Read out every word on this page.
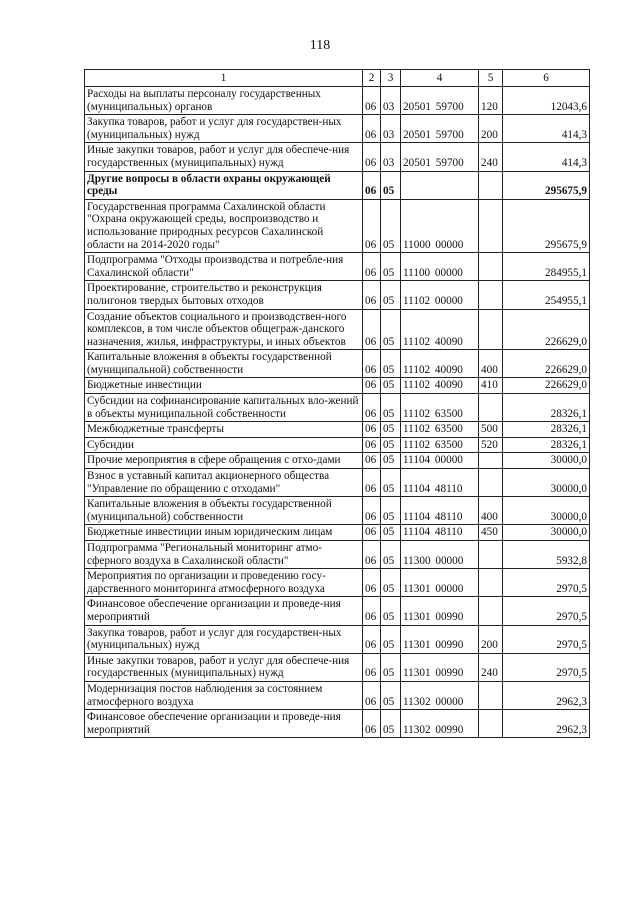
118
1	2	3	4	5	6
Расходы на выплаты персоналу государственных (муниципальных) органов	06	03	20501 59700	120	12043,6
Закупка товаров, работ и услуг для государствен-ных (муниципальных) нужд	06	03	20501 59700	200	414,3
Иные закупки товаров, работ и услуг для обеспече-ния государственных (муниципальных) нужд	06	03	20501 59700	240	414,3
Другие вопросы в области охраны окружающей среды	06	05			295675,9
Государственная программа Сахалинской области "Охрана окружающей среды, воспроизводство и использование природных ресурсов Сахалинской области на 2014-2020 годы"	06	05	11000 00000		295675,9
Подпрограмма "Отходы производства и потребле-ния Сахалинской области"	06	05	11100 00000		284955,1
Проектирование, строительство и реконструкция полигонов твердых бытовых отходов	06	05	11102 00000		254955,1
Создание объектов социального и производствен-ного комплексов, в том числе объектов общеграж-данского назначения, жилья, инфраструктуры, и иных объектов	06	05	11102 40090		226629,0
Капитальные вложения в объекты государственной (муниципальной) собственности	06	05	11102 40090	400	226629,0
Бюджетные инвестиции	06	05	11102 40090	410	226629,0
Субсидии на софинансирование капитальных вло-жений в объекты муниципальной собственности	06	05	11102 63500		28326,1
Межбюджетные трансферты	06	05	11102 63500	500	28326,1
Субсидии	06	05	11102 63500	520	28326,1
Прочие мероприятия в сфере обращения с отхо-дами	06	05	11104 00000		30000,0
Взнос в уставный капитал акционерного общества "Управление по обращению с отходами"	06	05	11104 48110		30000,0
Капитальные вложения в объекты государственной (муниципальной) собственности	06	05	11104 48110	400	30000,0
Бюджетные инвестиции иным юридическим лицам	06	05	11104 48110	450	30000,0
Подпрограмма "Региональный мониторинг атмо-сферного воздуха в Сахалинской области"	06	05	11300 00000		5932,8
Мероприятия по организации и проведению госу-дарственного мониторинга атмосферного воздуха	06	05	11301 00000		2970,5
Финансовое обеспечение организации и проведе-ния мероприятий	06	05	11301 00990		2970,5
Закупка товаров, работ и услуг для государствен-ных (муниципальных) нужд	06	05	11301 00990	200	2970,5
Иные закупки товаров, работ и услуг для обеспече-ния государственных (муниципальных) нужд	06	05	11301 00990	240	2970,5
Модернизация постов наблюдения за состоянием атмосферного воздуха	06	05	11302 00000		2962,3
Финансовое обеспечение организации и проведе-ния мероприятий	06	05	11302 00990		2962,3
